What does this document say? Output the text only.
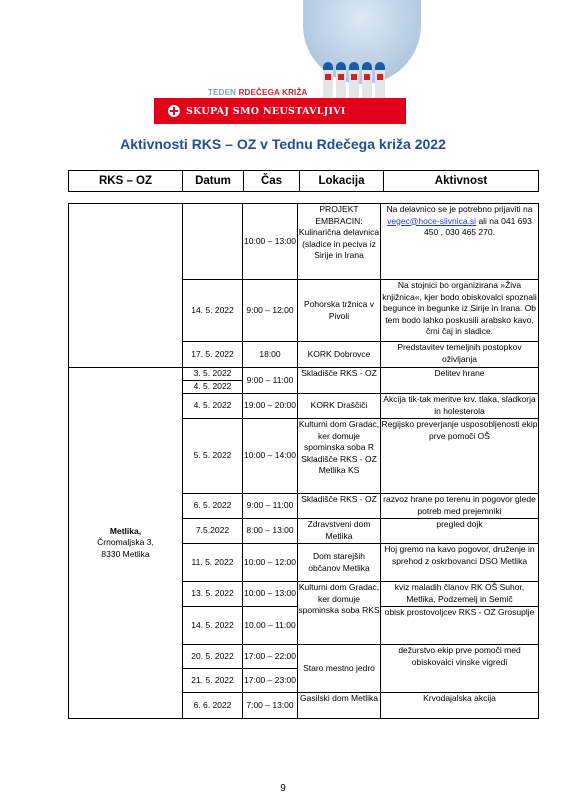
TEDEN RDEČEGA KRIŽA
SKUPAJ SMO NEUSTAVLJIVI
Aktivnosti RKS – OZ v Tednu Rdečega križa 2022
RKS – OZ	Datum	Čas	Lokacija	Aktivnost
		10:00 – 13:00	PROJEKT EMBRACIN: Kulinarična delavnica (sladice in peciva iz Sirije in Irana	Na delavnico se je potrebno prijaviti na vegec@hoce-slivnica.si ali na 041 693 450 , 030 465 270.
	14. 5. 2022	9:00 – 12:00	Pohorska tržnica v Pivoli	Na stojnici bo organizirana »Živa knjižnica«, kjer bodo obiskovalci spoznali begunce in begunke iz Sirije in Irana. Ob tem bodo lahko poskusili arabsko kavo, črni čaj in sladice.
	17. 5. 2022	18:00	KORK Dobrovce	Predstavitev temeljnih postopkov oživljanja

Metlika,
Črnomaljska 3,
8330 Metlika	3. 5. 2022	9:00 – 11:00	Skladišče RKS - OZ	Delitev hrane
	4. 5. 2022			
	4. 5. 2022	19:00 – 20:00	KORK Draščiči	Akcija tik-tak meritve krv. tlaka, sladkorja in holesterola
	5. 5. 2022	10:00 – 14:00	Kulturni dom Gradac, ker domuje spominska soba R Skladišče RKS - OZ Metlika KS	Regijsko preverjanje usposobljenosti ekip prve pomoči OŠ
	6. 5. 2022	9:00 – 11:00	Skladišče RKS - OZ	razvoz hrane po terenu in pogovor glede potreb med prejemniki
	7.5.2022	8:00 – 13:00	Zdravstveni dom Metlika	pregled dojk
	11. 5. 2022	10:00 – 12:00	Dom starejših občanov Metlika	Hoj gremo na kavo pogovor, druženje in sprehod z oskrbovanci DSO Metlika
	13. 5. 2022	10:00 – 13:00	Kulturni dom Gradac, ker domuje spominska soba RKS	kviz maladih članov RK OŠ Suhor, Metlika, Podzemelj in Semič
	14. 5. 2022	10.00 – 11:00		obisk prostovoljcev RKS - OZ Grosuplje
	20. 5. 2022	17:00 – 22:00	Staro mestno jedro	dežurstvo ekip prve pomoči med obiskovalci vinske vigredi
	21. 5. 2022	17:00 – 23:00		
	6. 6. 2022	7:00 – 13:00	Gasilski dom Metlika	Krvodajalska akcija
9
